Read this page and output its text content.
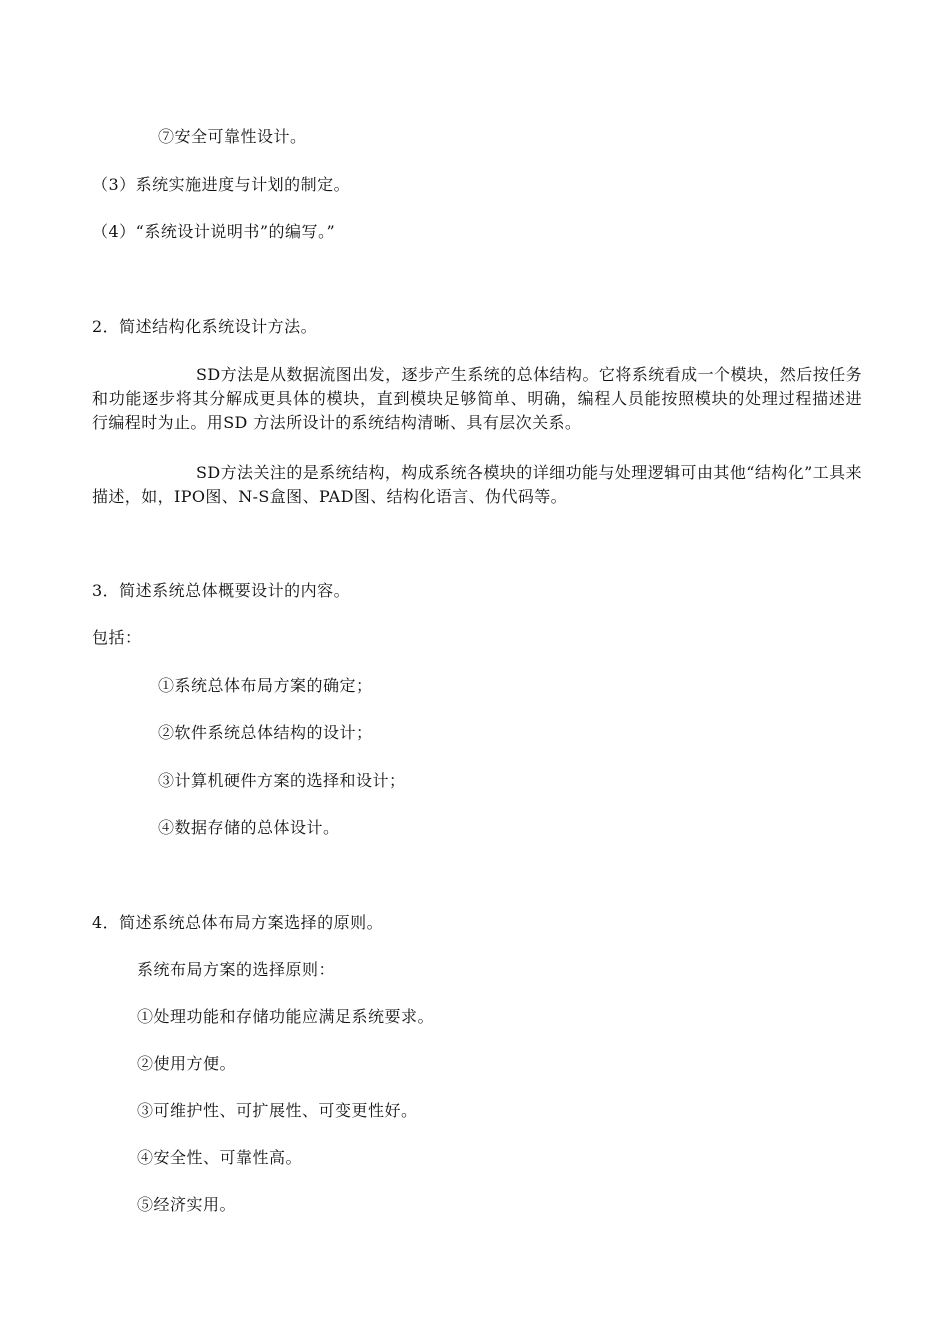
⑦安全可靠性设计。
（3）系统实施进度与计划的制定。
（4）“系统设计说明书”的编写。”
2．简述结构化系统设计方法。
SD方法是从数据流图出发，逐步产生系统的总体结构。它将系统看成一个模块，然后按任务和功能逐步将其分解成更具体的模块，直到模块足够简单、明确，编程人员能按照模块的处理过程描述进行编程时为止。用SD 方法所设计的系统结构清晰、具有层次关系。
SD方法关注的是系统结构，构成系统各模块的详细功能与处理逻辑可由其他“结构化”工具来描述，如，IPO图、N-S盒图、PAD图、结构化语言、伪代码等。
3．简述系统总体概要设计的内容。
包括：
①系统总体布局方案的确定；
②软件系统总体结构的设计；
③计算机硬件方案的选择和设计；
④数据存储的总体设计。
4．简述系统总体布局方案选择的原则。
系统布局方案的选择原则：
①处理功能和存储功能应满足系统要求。
②使用方便。
③可维护性、可扩展性、可变更性好。
④安全性、可靠性高。
⑤经济实用。
